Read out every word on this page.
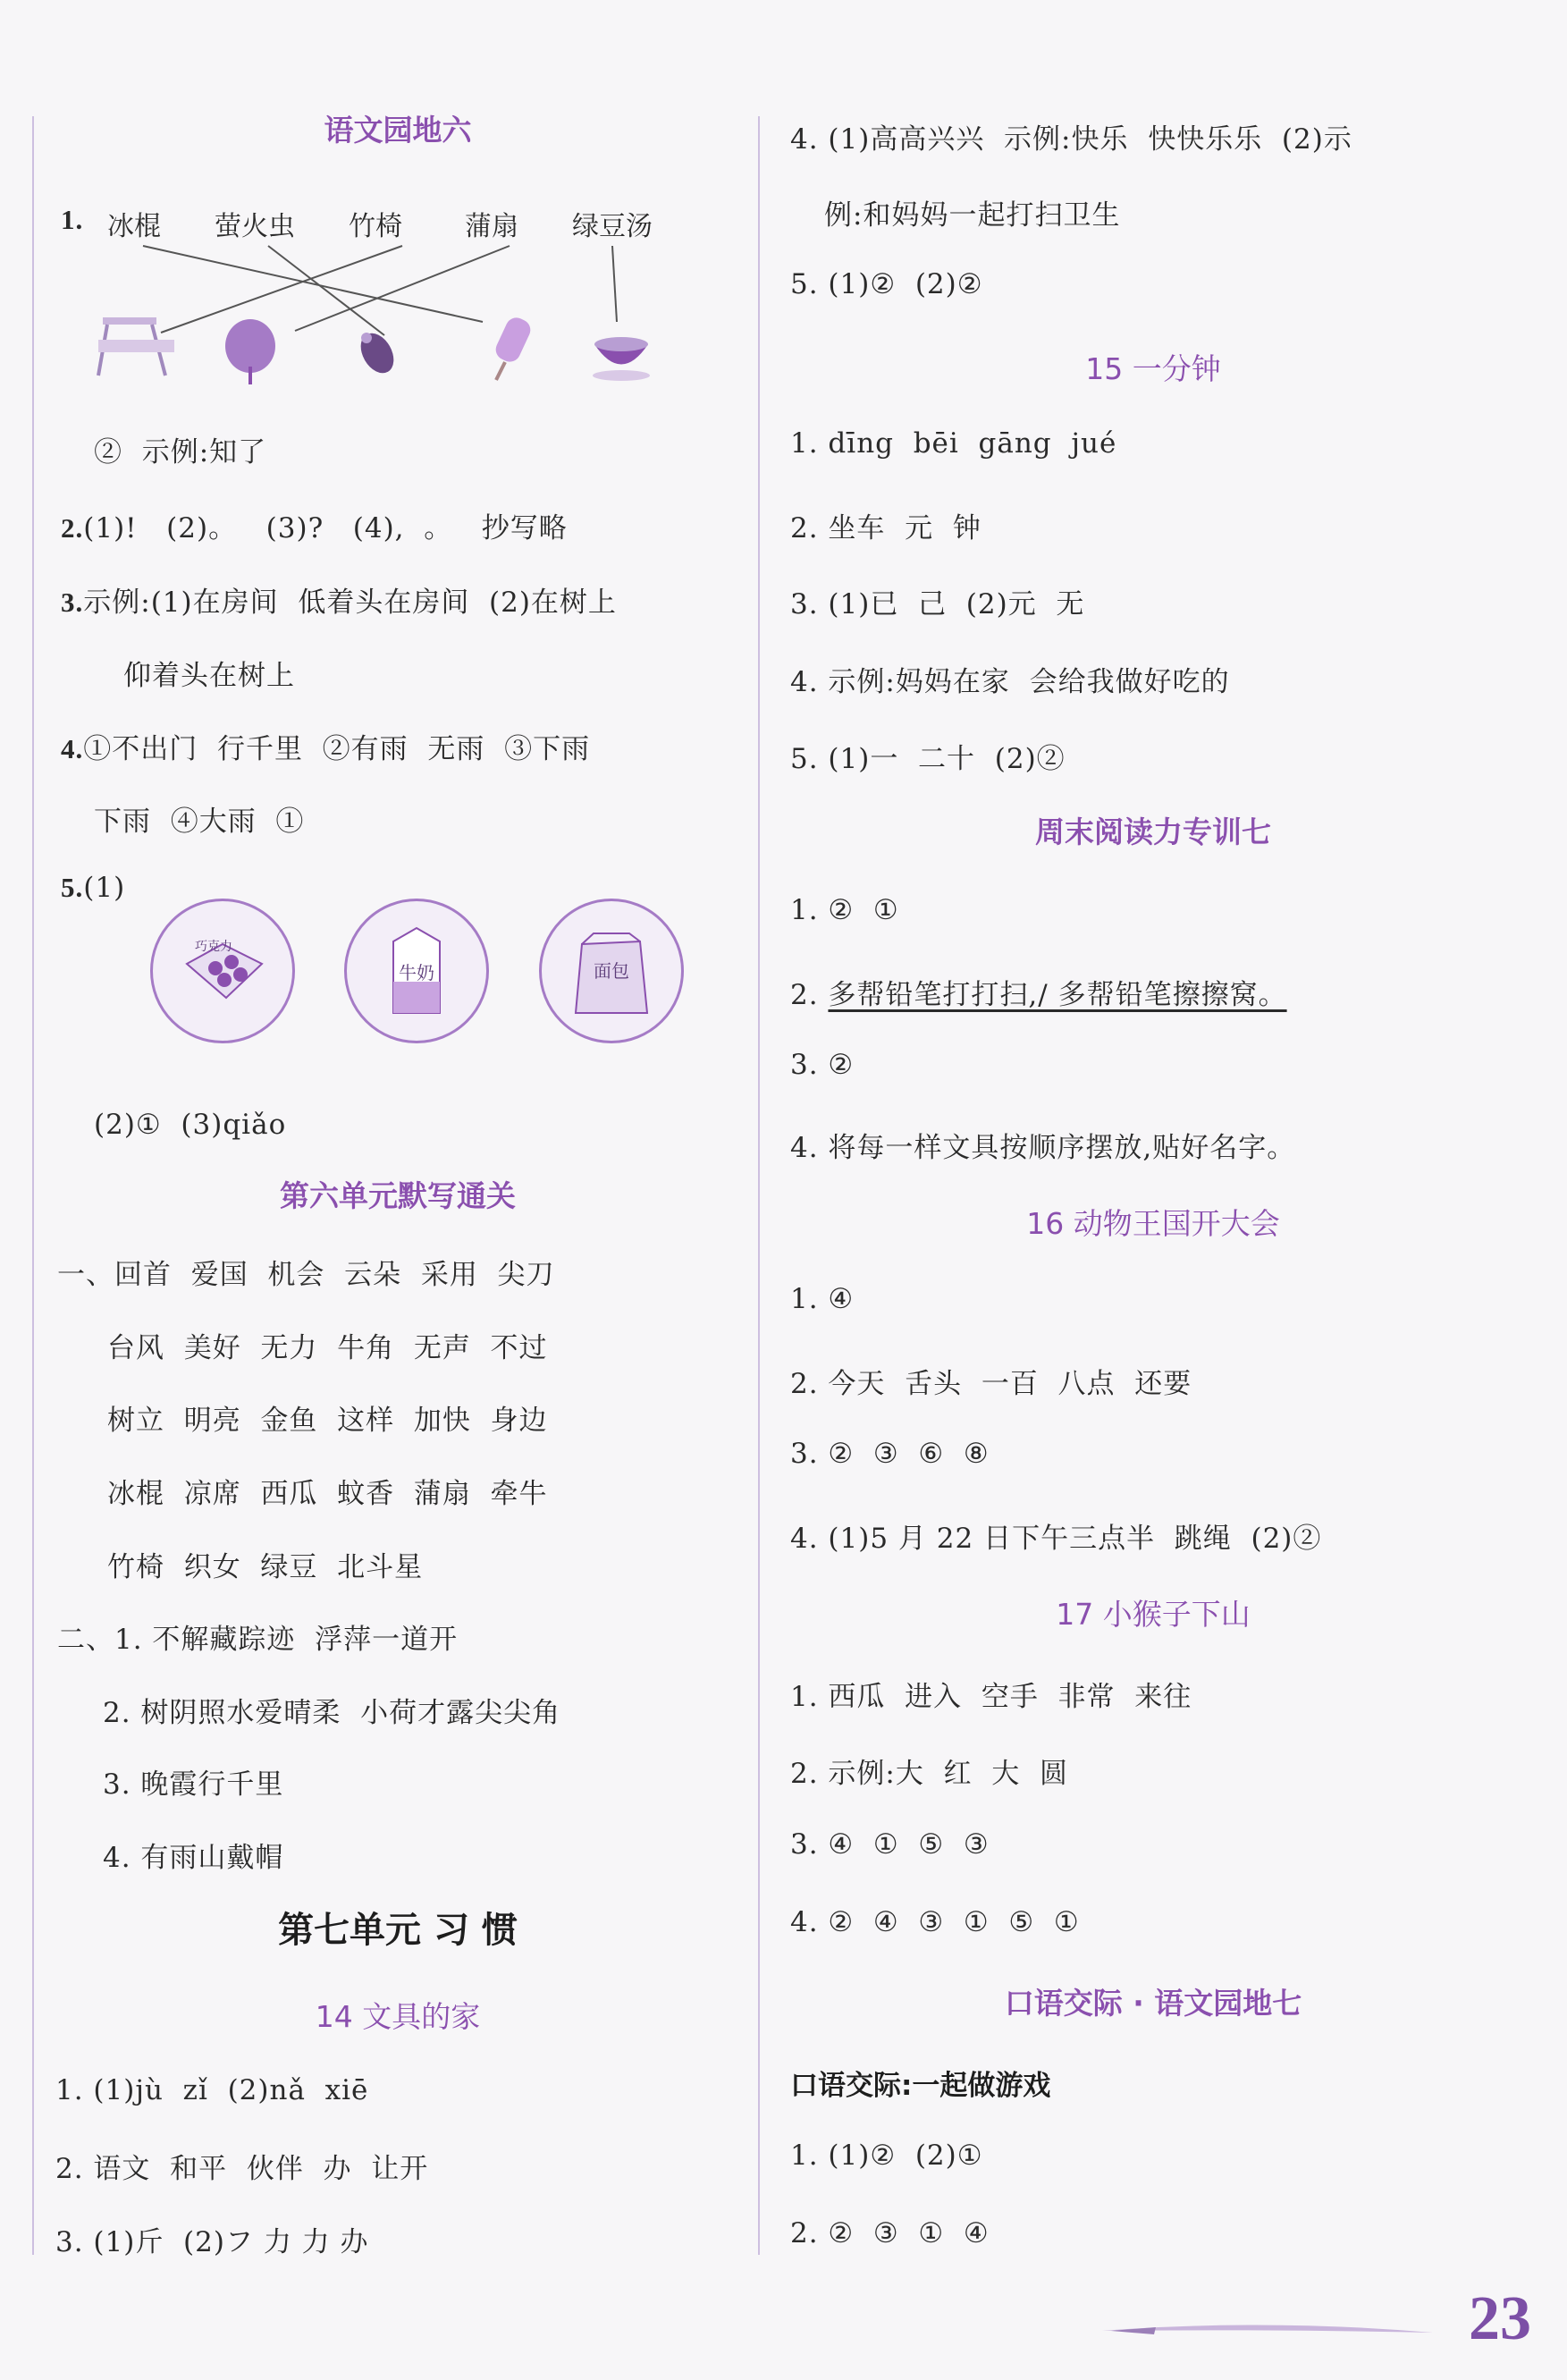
语文园地六
1. 冰棍 萤火虫 竹椅 蒲扇 绿豆汤
②  示例:知了
2.(1)!   (2)。   (3)?   (4),  。   抄写略
3.示例:(1)在房间  低着头在房间  (2)在树上
仰着头在树上
4.①不出门  行千里  ②有雨  无雨  ③下雨
下雨  ④大雨  ①
5.(1)
巧克力
牛奶	面包
(2)①  (3)qiǎo
第六单元默写通关
一、回首  爱国  机会  云朵  采用  尖刀
台风  美好  无力  牛角  无声  不过
树立  明亮  金鱼  这样  加快  身边
冰棍  凉席  西瓜  蚊香  蒲扇  牵牛
竹椅  织女  绿豆  北斗星
二、1. 不解藏踪迹  浮萍一道开
2. 树阴照水爱晴柔  小荷才露尖尖角
3. 晚霞行千里
4. 有雨山戴帽
第七单元 习 惯
14 文具的家
1. (1)jù  zǐ  (2)nǎ  xiē
2. 语文  和平  伙伴  办  让开
3. (1)斤  (2)フ 力 力 办
4. (1)高高兴兴  示例:快乐  快快乐乐  (2)示
例:和妈妈一起打扫卫生
5. (1)②  (2)②
15 一分钟
1. dīng  bēi  gāng  jué
2. 坐车  元  钟
3. (1)已  己  (2)元  无
4. 示例:妈妈在家  会给我做好吃的
5. (1)一  二十  (2)②
周末阅读力专训七
1. ②  ①
2. 多帮铅笔打打扫,/ 多帮铅笔擦擦窝。
3. ②
4. 将每一样文具按顺序摆放,贴好名字。
16 动物王国开大会
1. ④
2. 今天  舌头  一百  八点  还要
3. ②  ③  ⑥  ⑧
4. (1)5 月 22 日下午三点半  跳绳  (2)②
17 小猴子下山
1. 西瓜  进入  空手  非常  来往
2. 示例:大  红  大  圆
3. ④  ①  ⑤  ③
4. ②  ④  ③  ①  ⑤  ①
口语交际 · 语文园地七
口语交际:一起做游戏
1. (1)②  (2)①
2. ②  ③  ①  ④
23
